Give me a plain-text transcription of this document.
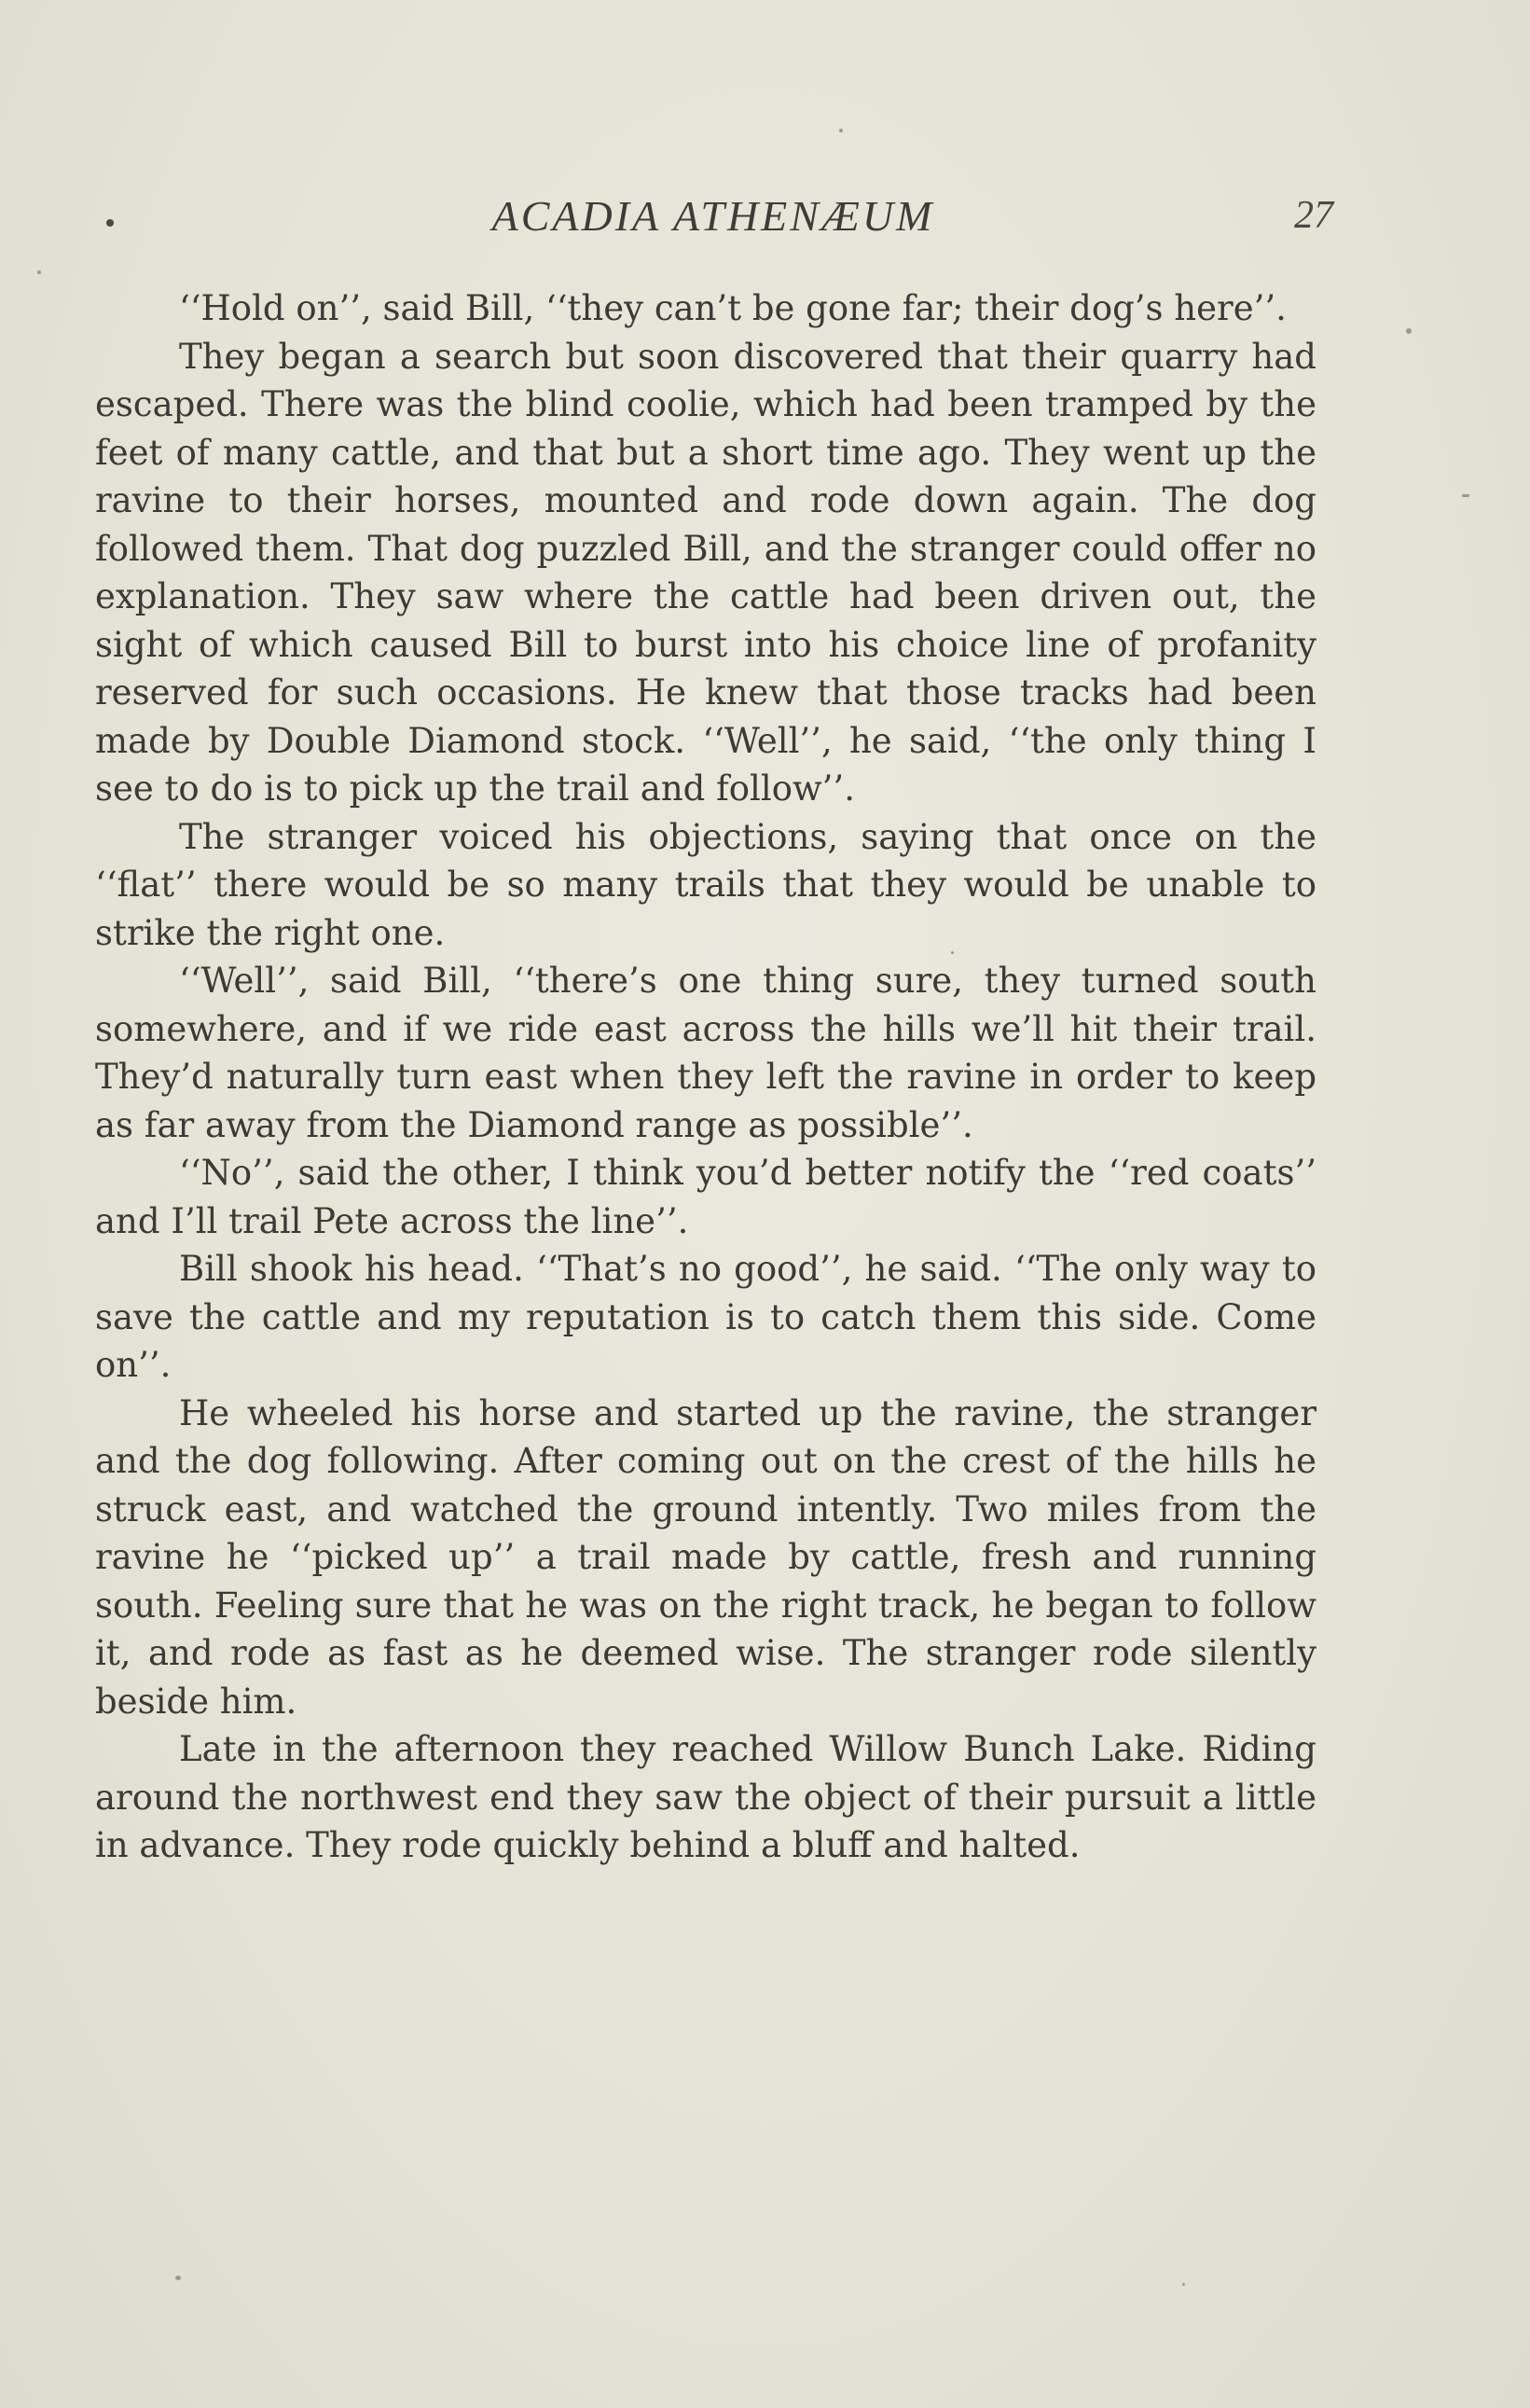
ACADIA ATHENÆUM	27

‘‘Hold on’’, said Bill, ‘‘they can’t be gone far; their dog’s here’’.

They began a search but soon discovered that their quarry had escaped. There was the blind coolie, which had been tramped by the feet of many cattle, and that but a short time ago. They went up the ravine to their horses, mounted and rode down again. The dog followed them. That dog puzzled Bill, and the stranger could offer no explanation. They saw where the cattle had been driven out, the sight of which caused Bill to burst into his choice line of profanity reserved for such occasions. He knew that those tracks had been made by Double Diamond stock. ‘‘Well’’, he said, ‘‘the only thing I see to do is to pick up the trail and follow’’.

The stranger voiced his objections, saying that once on the ‘‘flat’’ there would be so many trails that they would be unable to strike the right one.

‘‘Well’’, said Bill, ‘‘there’s one thing sure, they turned south somewhere, and if we ride east across the hills we’ll hit their trail. They’d naturally turn east when they left the ravine in order to keep as far away from the Diamond range as possible’’.

‘‘No’’, said the other, I think you’d better notify the ‘‘red coats’’ and I’ll trail Pete across the line’’.

Bill shook his head. ‘‘That’s no good’’, he said. ‘‘The only way to save the cattle and my reputation is to catch them this side. Come on’’.

He wheeled his horse and started up the ravine, the stranger and the dog following. After coming out on the crest of the hills he struck east, and watched the ground intently. Two miles from the ravine he ‘‘picked up’’ a trail made by cattle, fresh and running south. Feeling sure that he was on the right track, he began to follow it, and rode as fast as he deemed wise. The stranger rode silently beside him.

Late in the afternoon they reached Willow Bunch Lake. Riding around the northwest end they saw the object of their pursuit a little in advance. They rode quickly behind a bluff and halted.
